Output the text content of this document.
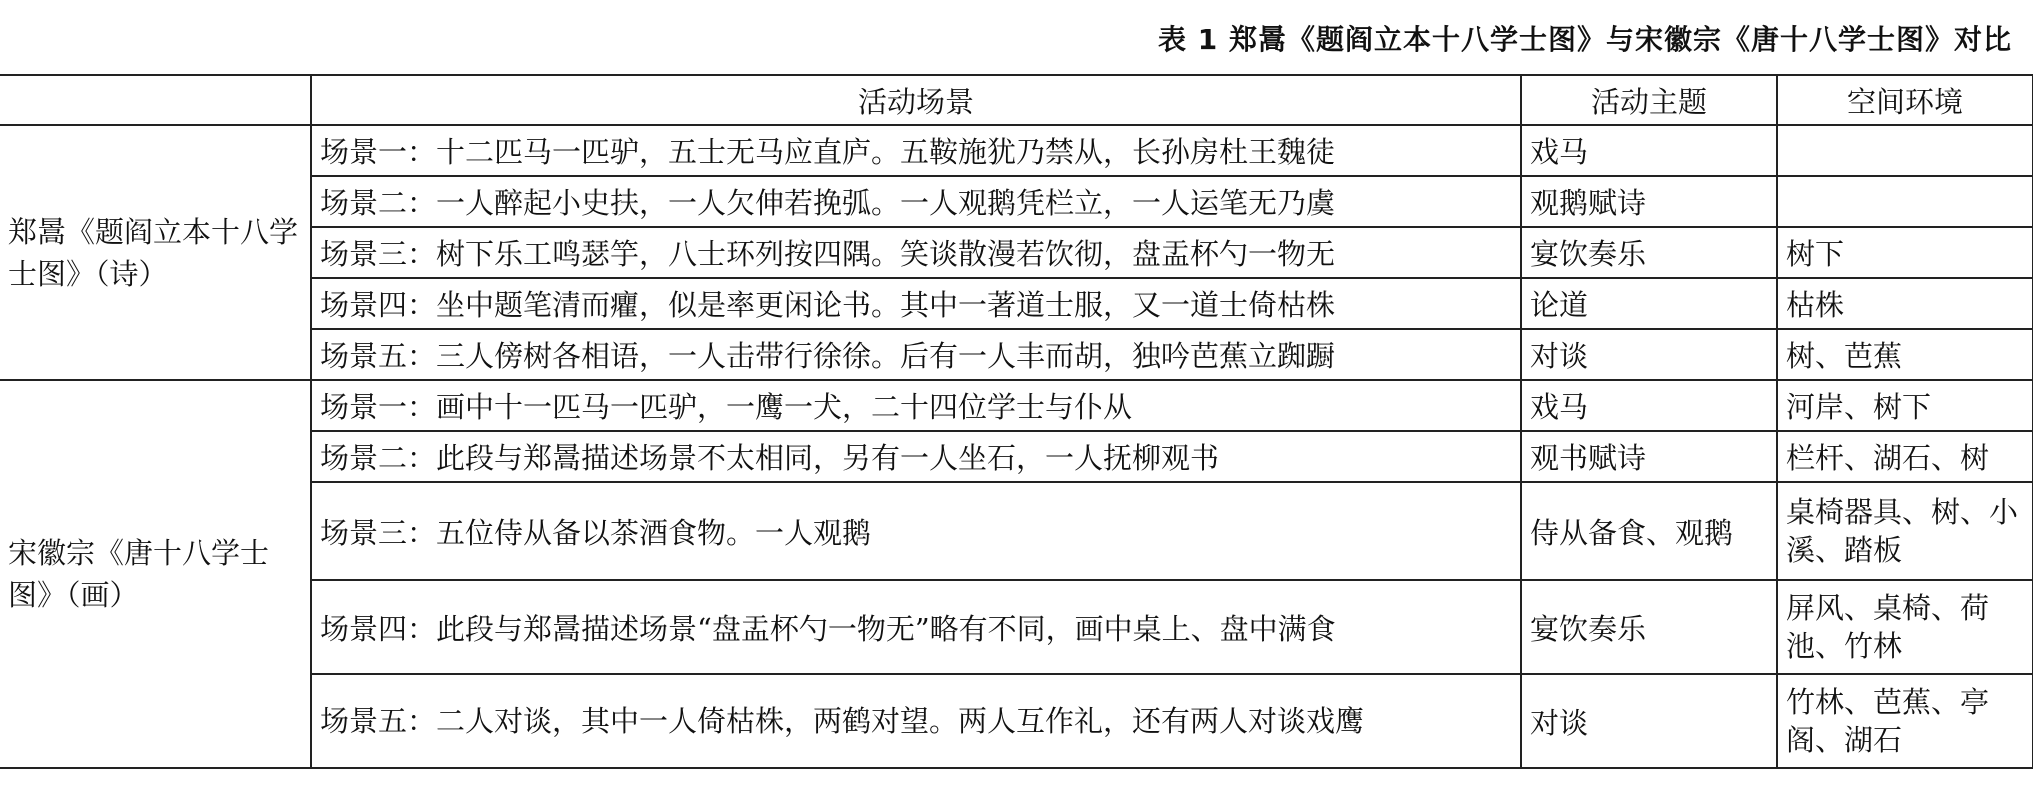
表 1 郑暠《题阎立本十八学士图》与宋徽宗《唐十八学士图》对比
	活动场景	活动主题	空间环境
郑暠《题阎立本十八学士图》（诗）	场景一：十二匹马一匹驴，五士无马应直庐。五鞍施犹乃禁从，长孙房杜王魏徒	戏马	
	场景二：一人醉起小史扶，一人欠伸若挽弧。一人观鹅凭栏立，一人运笔无乃虞	观鹅赋诗	
	场景三：树下乐工鸣瑟竽，八士环列按四隅。笑谈散漫若饮彻，盘盂杯勺一物无	宴饮奏乐	树下
	场景四：坐中题笔清而癯，似是率更闲论书。其中一著道士服，又一道士倚枯株	论道	枯株
	场景五：三人傍树各相语，一人击带行徐徐。后有一人丰而胡，独吟芭蕉立踟蹰	对谈	树、芭蕉
宋徽宗《唐十八学士图》（画）	场景一：画中十一匹马一匹驴，一鹰一犬，二十四位学士与仆从	戏马	河岸、树下
	场景二：此段与郑暠描述场景不太相同，另有一人坐石，一人抚柳观书	观书赋诗	栏杆、湖石、树
	场景三：五位侍从备以茶酒食物。一人观鹅	侍从备食、观鹅	桌椅器具、树、小溪、踏板
	场景四：此段与郑暠描述场景“盘盂杯勺一物无”略有不同，画中桌上、盘中满食	宴饮奏乐	屏风、桌椅、荷池、竹林
	场景五：二人对谈，其中一人倚枯株，两鹤对望。两人互作礼，还有两人对谈戏鹰	对谈	竹林、芭蕉、亭阁、湖石
